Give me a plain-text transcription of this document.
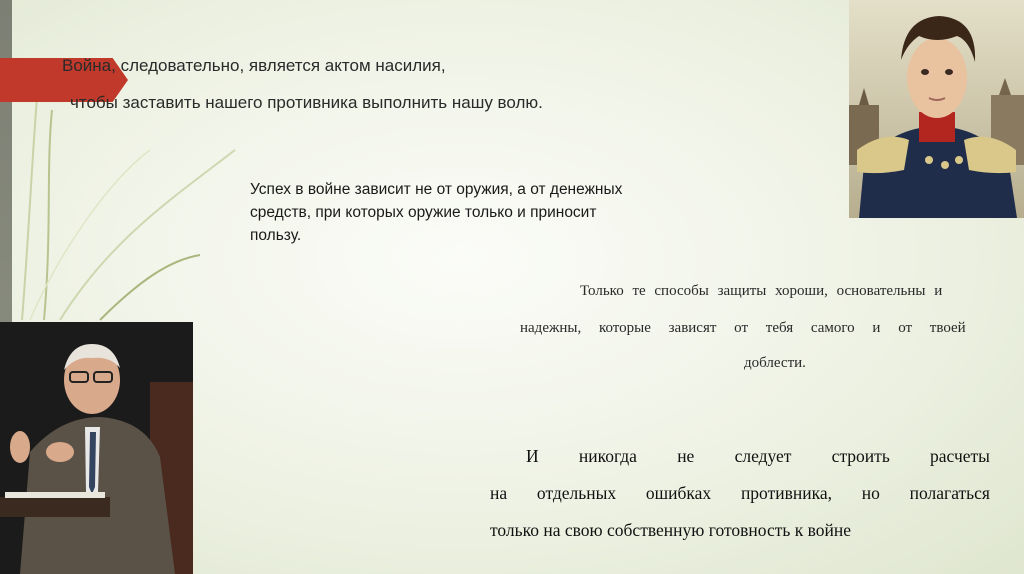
Война, следовательно, является актом насилия,
чтобы заставить нашего противника выполнить нашу волю.
Успех в войне зависит не от оружия, а от денежных
средств, при которых оружие только и приносит
пользу.
Только те способы защиты хороши, основательны и
надежны, которые зависят от тебя самого и от твоей
доблести.
И никогда не следует строить расчеты
на отдельных ошибках противника, но полагаться
только на свою собственную готовность к войне
